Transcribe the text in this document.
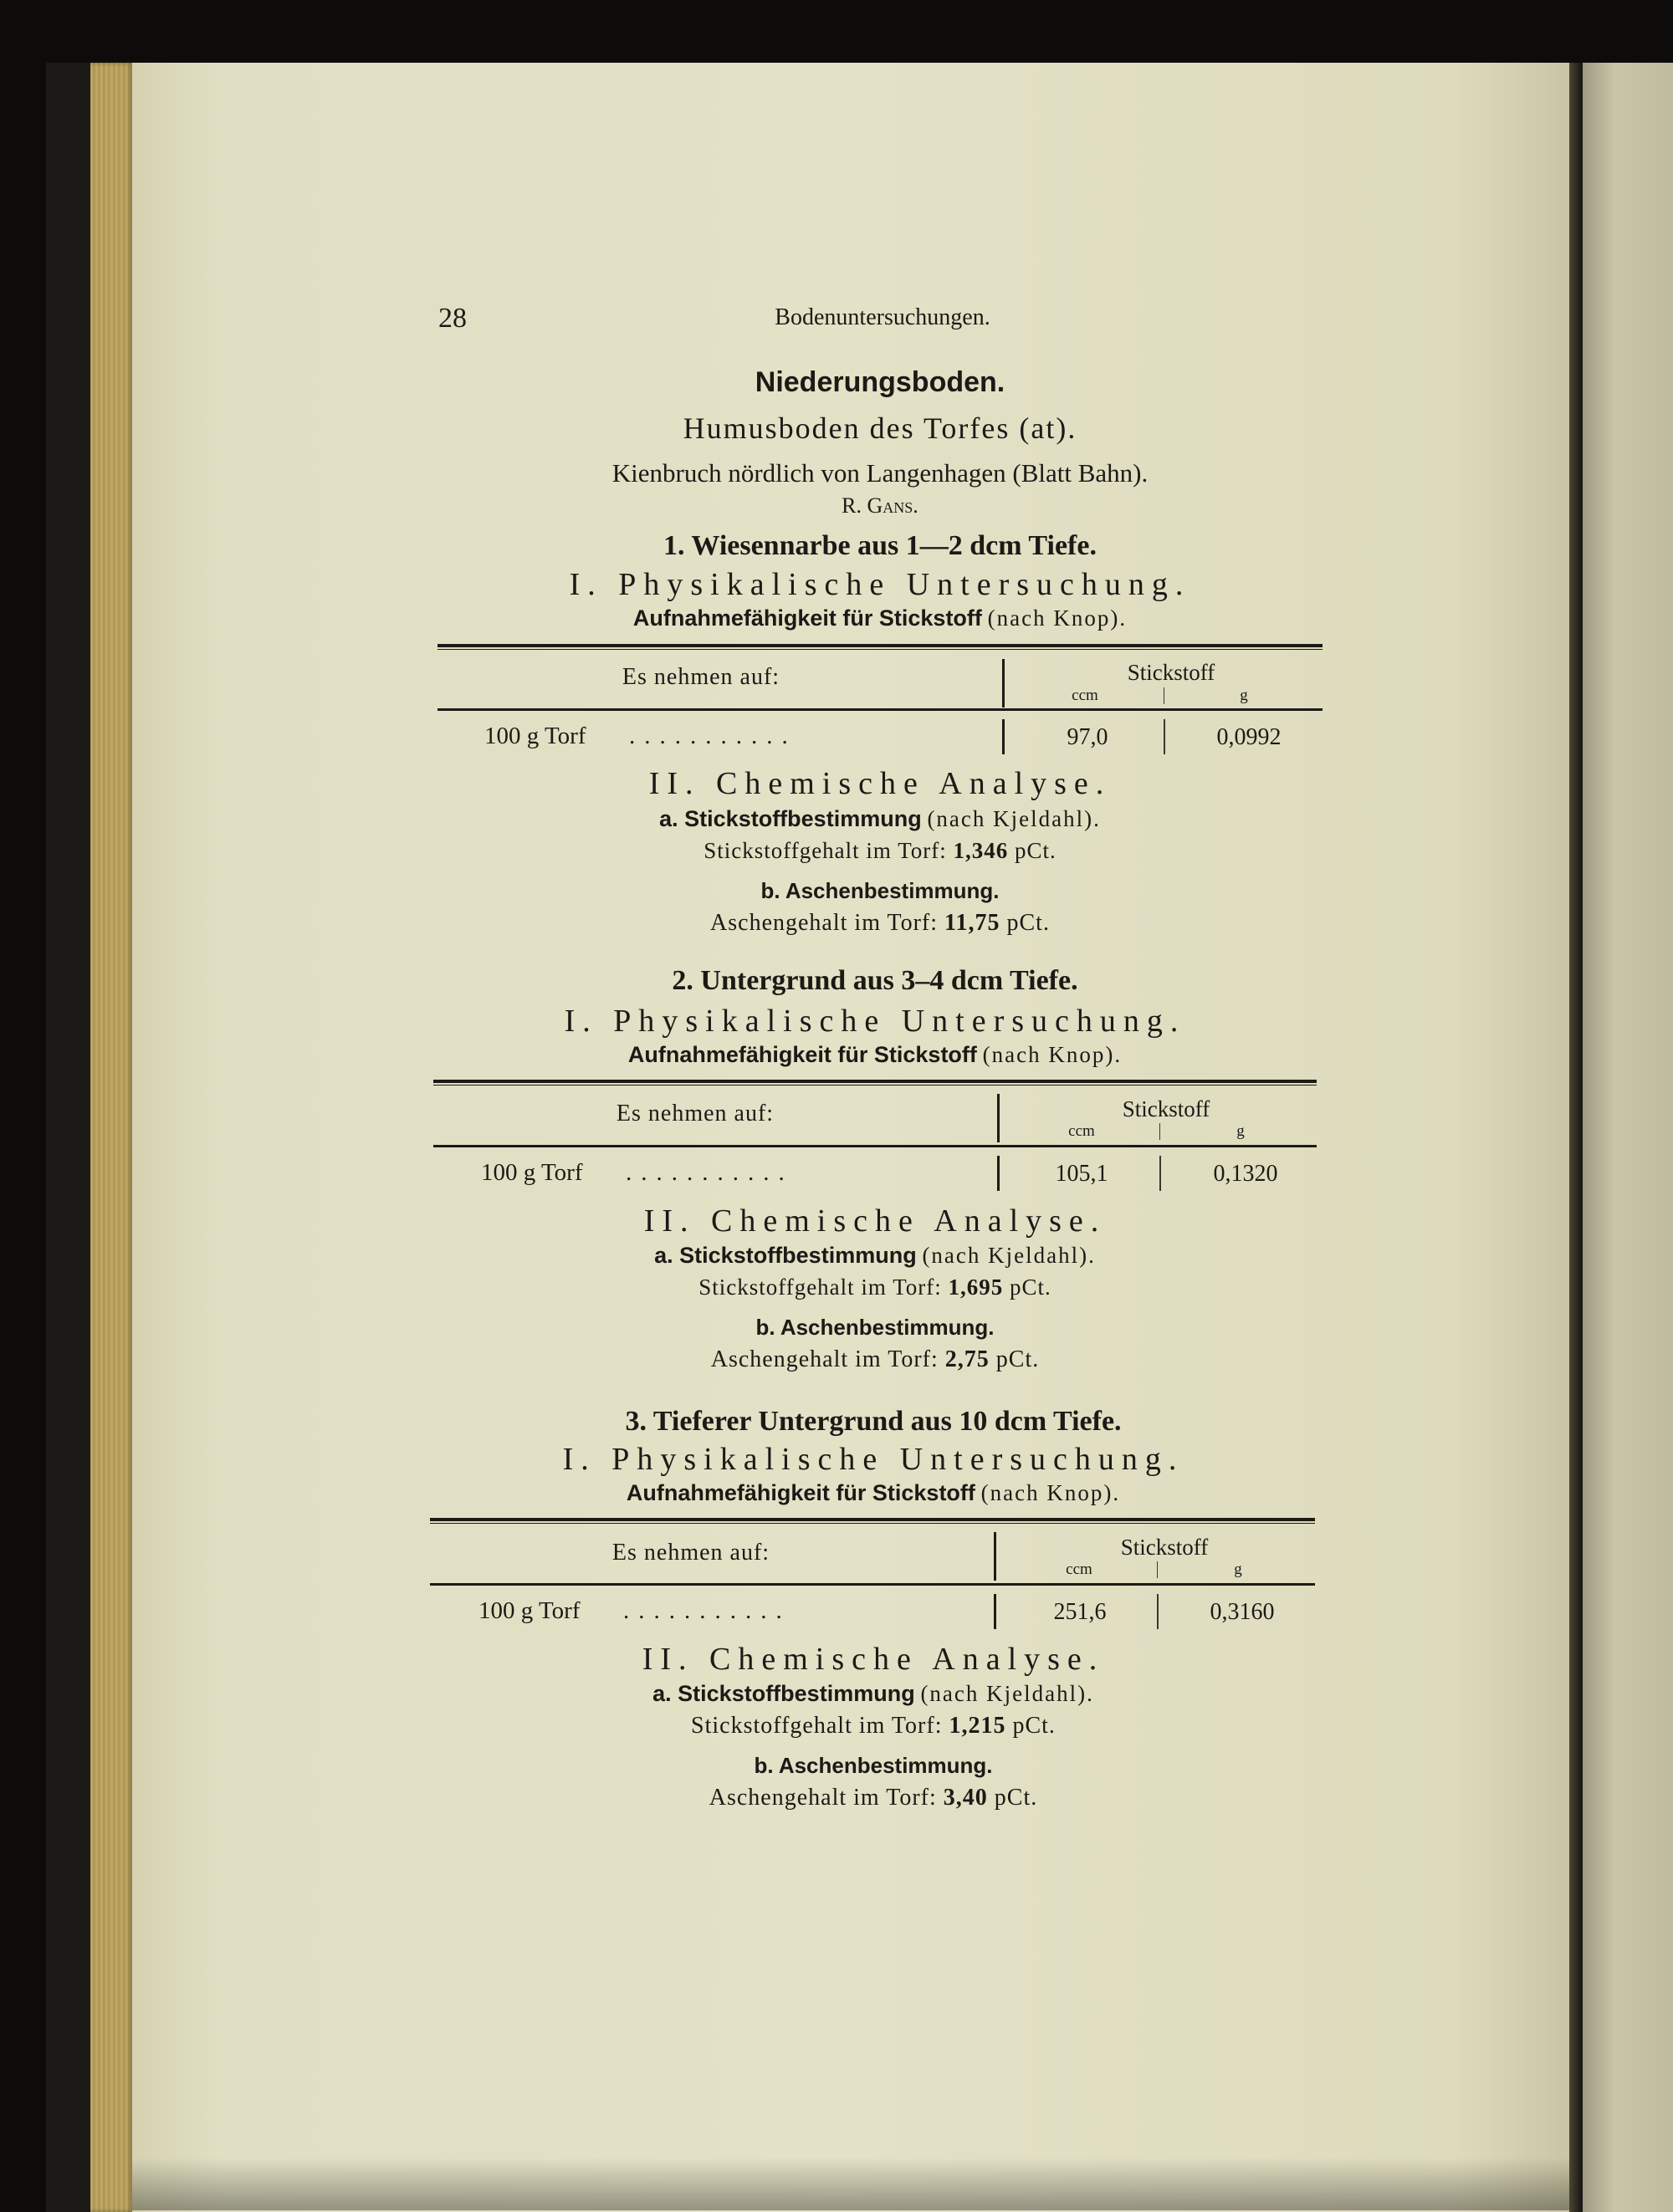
28	Bodenuntersuchungen.
Niederungsboden.
Humusboden des Torfes (at).
Kienbruch nördlich von Langenhagen (Blatt Bahn).
R. Gans.
1. Wiesennarbe aus 1—2 dcm Tiefe.
I. Physikalische Untersuchung.
Aufnahmefähigkeit für Stickstoff (nach Knop).
Es nehmen auf:	Stickstoff
ccm	g
100 g Torf ...........	97,0	0,0992
II. Chemische Analyse.
a. Stickstoffbestimmung (nach Kjeldahl).
Stickstoffgehalt im Torf: 1,346 pCt.
b. Aschenbestimmung.
Aschengehalt im Torf: 11,75 pCt.
2. Untergrund aus 3–4 dcm Tiefe.
I. Physikalische Untersuchung.
Aufnahmefähigkeit für Stickstoff (nach Knop).
Es nehmen auf:	Stickstoff
ccm	g
100 g Torf ...........	105,1	0,1320
II. Chemische Analyse.
a. Stickstoffbestimmung (nach Kjeldahl).
Stickstoffgehalt im Torf: 1,695 pCt.
b. Aschenbestimmung.
Aschengehalt im Torf: 2,75 pCt.
3. Tieferer Untergrund aus 10 dcm Tiefe.
I. Physikalische Untersuchung.
Aufnahmefähigkeit für Stickstoff (nach Knop).
Es nehmen auf:	Stickstoff
ccm	g
100 g Torf ...........	251,6	0,3160
II. Chemische Analyse.
a. Stickstoffbestimmung (nach Kjeldahl).
Stickstoffgehalt im Torf: 1,215 pCt.
b. Aschenbestimmung.
Aschengehalt im Torf: 3,40 pCt.
